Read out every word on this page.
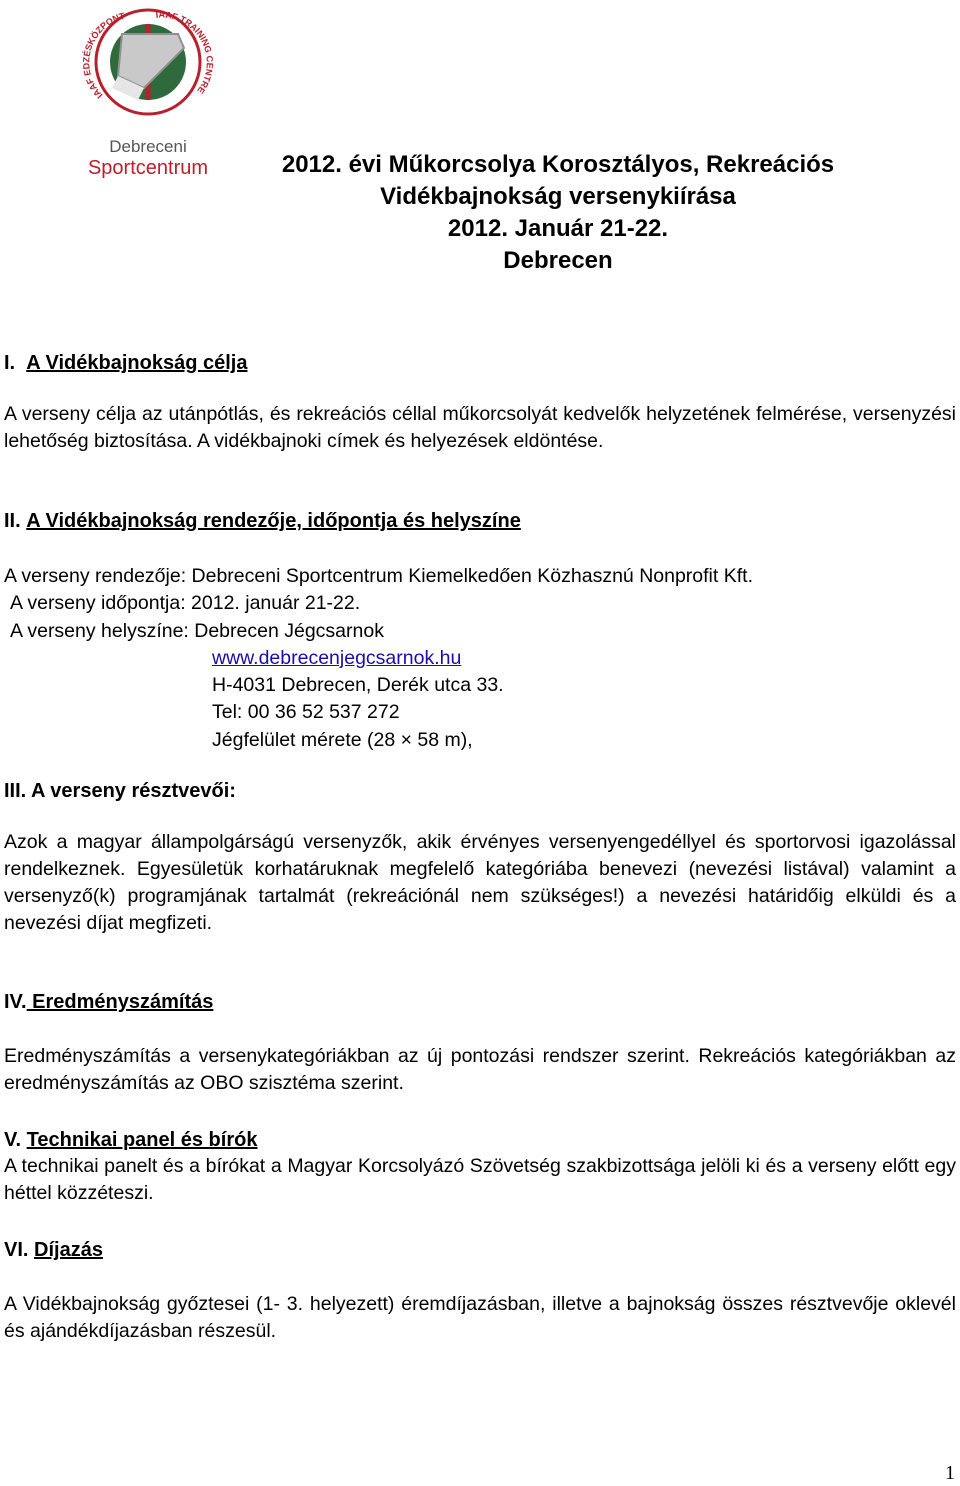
IAAF EDZÉSKÖZPONT	IAAF TRAINING CENTRE
Debreceni
Sportcentrum	2012. évi Műkorcsolya Korosztályos, Rekreációs
Vidékbajnokság versenykiírása
2012. Január 21-22.
Debrecen
I. A Vidékbajnokság célja
A verseny célja az utánpótlás, és rekreációs céllal műkorcsolyát kedvelők helyzetének felmérése, versenyzési lehetőség biztosítása. A vidékbajnoki címek és helyezések eldöntése.
II. A Vidékbajnokság rendezője, időpontja és helyszíne
A verseny rendezője: Debreceni Sportcentrum Kiemelkedően Közhasznú Nonprofit Kft.
A verseny időpontja: 2012. január 21-22.
A verseny helyszíne: Debrecen Jégcsarnok
www.debrecenjegcsarnok.hu
H-4031 Debrecen, Derék utca 33.
Tel: 00 36 52 537 272
Jégfelület mérete (28 × 58 m),
III. A verseny résztvevői:
Azok a magyar állampolgárságú versenyzők, akik érvényes versenyengedéllyel és sportorvosi igazolással rendelkeznek. Egyesületük korhatáruknak megfelelő kategóriába benevezi (nevezési listával) valamint a versenyző(k) programjának tartalmát (rekreációnál nem szükséges!) a nevezési határidőig elküldi és a nevezési díjat megfizeti.
IV. Eredményszámítás
Eredményszámítás a versenykategóriákban az új pontozási rendszer szerint. Rekreációs kategóriákban az eredményszámítás az OBO szisztéma szerint.
V. Technikai panel és bírók
A technikai panelt és a bírókat a Magyar Korcsolyázó Szövetség szakbizottsága jelöli ki és a verseny előtt egy héttel közzéteszi.
VI. Díjazás
A Vidékbajnokság győztesei (1- 3. helyezett) éremdíjazásban, illetve a bajnokság összes résztvevője oklevél és ajándékdíjazásban részesül.
1
